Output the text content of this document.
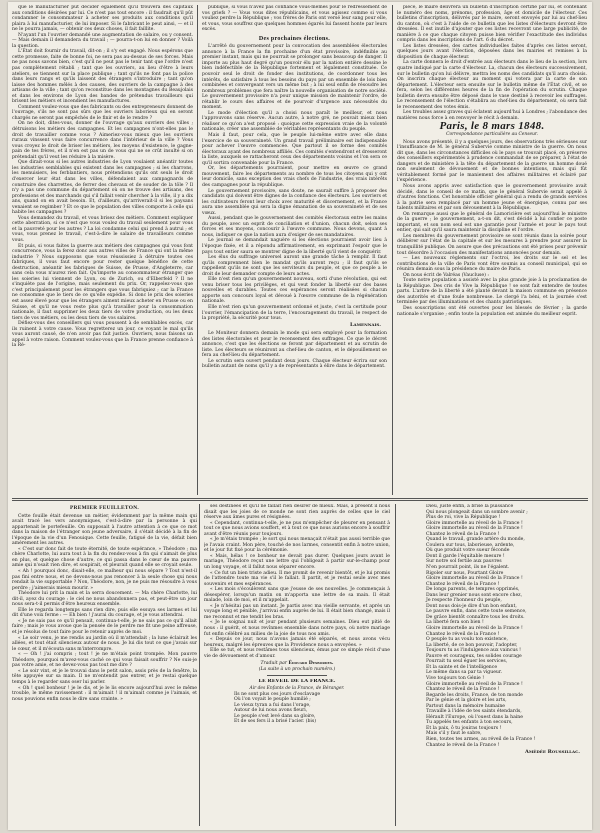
que le manufacturier pût décider également qu'il trouvera des capitaux aux conditions désirées par lui. Ce n'est pas tout encore : il faudrait qu'il pût condamner le consommateur à acheter ses produits aux conditions qu'il plaira à lui manufacturier, de lui imposer. Si le fabricant le peut ainsi, — et il ne le pourra jamais, — obtenir ces deux choses, il fait faillite.

N'ayant l'un l'ouvrier demandé une augmentation de salaire, ou y consent. — Mais demain il demandera du travail ; — pourra-t-on lui en donner ? Voilà la question.

L'État doit fournir du travail, dit-on ; il s'y est engagé. Nous espérons que cette promesse, faite de bonne foi, ne sera pas au-dessus de ses forces. Mais ne pas nous savons bien, c'est qu'il ne peut pas le tenir tant que l'ordre n'est pas complètement rétabli ; tant que les ouvriers, au lieu d'être à leurs ateliers, se tiennent sur la place publique ; tant qu'ils ne font pas la police dans leurs rangs et qu'ils laissent des étrangers s'introduire ; tant qu'on laisse des hommes mêlés à des causes, des ouvriers de la campagne à des artisans de la ville ; tant qu'on reconstitue dans les montagnes du Beaujolais et dans les environs de Lyon des bandes de prétendus travailleurs qui brisent les métiers et incendient les manufactures.

Comment voulez-vous que des fabricants ou des entrepreneurs donnent de l'ouvrage, s'ils ne sont pas sûrs que les ouvriers laborieux qui en seront chargés ne seront pas empêchés de le finir et de le rendre ?

On ne doit, dites-vous, donner de l'ouvrage qu'aux ouvriers des villes ; détruisons les métiers des campagnes. Et les campagnes n'ont-elles pas le droit de travailler comme vous ? Aimeriez-vous mieux que les ouvriers ruraux vinssent vous faire concurrence dans l'intérieur de la ville ? Vous vous croyez le droit de briser les métiers, les moyens d'existence, le gagne-pain de tes frères, et il n'en est pas un de vous qui ne se crût insulté si on prétendait qu'il veut les réduire à la misère.

Que dirait-vous si les autres industries de Lyon voulaient anéantir toutes les industries semblables qui existent dans les campagnes ; si les charrons, les menuisiers, les ferblantiers, nous prétendions qu'ils ont seuls le droit d'exercer leur état dans les villes, défendaient aux campagnards de construire des charrettes, de ferrer des chevaux et de souder de la tôle ? Il n'y a pas une commune du département où on ne trouve des artisans, des professions et des marchands qui s'il fallait venir chercher à la ville, il y a dix ans, quand on en avait besoin. Et, d'ailleurs, qu'arriverait-il si les paysans venaient se regimber ? Et ce que le population des villes comporte à celle qui habite les campagnes ?

Vous demandez du travail, et vous brisez des métiers. Comment expliquer cette aberration, si ce n'est que vous voulez du travail seulement pour vous et la pauvreté pour les autres ? La loi condamne celui qui prend à autrui ; et vous, vous prenez le travail, c'est-à-dire le salaire de travailleurs comme vous.

Et puis, si vous faites la guerre aux métiers des campagnes qui vous font concurrence, vous la ferez donc aux autres villes de France qui ont la même industrie ? Nous supposons que vous réussissiez à détruire toutes ces fabriques, il vous faut encore pour rester quelque bénéfice de cette destruction, anéantir les fabriques de Suisse, de Prusse, d'Angleterre, car sans cela vous n'aurez rien fait. Qu'importe au consommateur étranger que les soieries lui viennent de Lyon, ou de Zurich, ou d'Elberfeld ? Il ne s'inquiète pas de l'origine, mais seulement du prix. Or, rappelez-vous que c'est principalement pour les étrangers que vous fabriquiez ; car la France ne consomme que le tiers de ce qu'elle expédie. Si donc le prix des soieries est assez élevé pour que les étrangers aiment mieux acheter en Prusse ou en Suisse, et qu'il ne vous reste plus qu'à travailler pour la consommation nationale, il faut supprimer les deux tiers de votre production, ou les deux tiers de vos métiers, ou les deux tiers de vos salaires.

Défiez-vous des conseillers qui vous poussent à de semblables excès, car ils ruinent à votre cause. Vous regretterez un jour, ce voyant le mal qu'ils vous auront causé, de n'en avoir pas fait justice. Ouvriers, nous faisons un appel à votre raison. Comment voulez-vous que la France prenne confiance à la Ré-

publique, si vous n'avez pas confiance vous-mêmes pour le redressement de vos griefs ? — Vous vous dites républicains, et vous agissez comme si vous vouliez perdre la République ; vos frères de Paris ont versé leur sang pour elle, et vous, vous souffrez que quelques hommes égarés lui fassent honte par leurs excès.

Des prochaines élections.

L'arrêté du gouvernement pour la convocation des assemblées électorales annonce à la France la fin prochaine d'un état provisoire, indéfinible au premier instant, mais qui ne pourrait se prolonger sans beaucoup de danger. Il importe au plus haut degré qu'un pouvoir élu par la nation entière dessine le bien indéfectible de la République fortement et légalement constituée. Ce pouvoir seul le droit de fonder des institutions, de coordonner tous les intérêts, de satisfaire à tous les besoins du pays par un ensemble de lois bien combinées et convergeant vers un même but ; à lui seul enfin de résoudre les nombreux problèmes que fera naître la nouvelle organisation de notre société. Le gouvernement provisoire n'a pour unique mission de maintenir l'ordre, de rétablir le cours des affaires et de pourvoir d'urgence aux nécessités du moment.

Le mode d'élection qu'il a choisi nous paraît le meilleur, et nous l'approuvons sans réserve. Aucun autre, à notre gré, ne pouvait mieux bien réaliser ce qu'on a'est proposé : quoique cette expression vraie de la volonté nationale, créer une assemblée de véritables représentants du peuple.

Mais il faut, pour cela, que le peuple lui-même entre avec elle dans l'exercice de sa souveraineté. Un grand travail préliminaire est indispensable pour achever l'œuvre commencée. Que partout il se forme des comités électoraux ayant des nombreux affiliés. Ces comités s'entendront et dresseront la liste, auxquels se rattacheront ceux des départements voisins et l'on sera ce qu'il sortira convenable pour la France.

Or, les départements pourraient, pour mettre en œuvre ce grand mouvement, faire les départements au nombre de tous les citoyens qui y ont leur domicile, sans exception des vrais chefs de l'industrie, des vrais intérêts des campagnes pour la république.

Le gouvernement provisoire, sans doute, ne saurait suffire à proposer des candidats qui doivent être dignes de la confiance des électeurs. Les ouvriers et les cultivateurs feront leur choix avec maturité et discernement, et la France aura une assemblée qui sera la digne émanation de sa souveraineté et de ses vœux.

Aussi, pendant que le gouvernement des comités électoraux entre les mains du peuple, avec un esprit de conciliation et d'union, chacun doit, selon ses forces et ses moyens, concourir à l'œuvre commune. Nous devons, quant à nous, indiquer ce que la nation aura d'exiger de ses mandataires.

Le journal se demandait naguère si les élections pourraient avoir lieu à l'époque fixée, et il a répondu affirmativement, en exprimant l'espoir que le pays tout entier saura se montrer digne de la liberté qu'il vient de conquérir.

Les élus du suffrage universel auront une grande tâche à remplir. Il faut qu'ils comprennent bien le mandat qu'ils auront reçu ; il faut qu'ils se rappellent qu'ils ne sont que les serviteurs du peuple, et que ce peuple a le droit de leur demander compte de leurs actes.

Elle n'est rien qu'un gouvernement nouveau, sorti d'une révolution, qui est venu briser tous les privilèges, et qui veut fonder la liberté sur des bases nouvelles et durables. Toutes ces espérances seront réalisées si chacun apporte son concours loyal et dévoué à l'œuvre commune de la régénération nationale.

Elle n'est rien qu'un gouvernement ordonné et juste, c'est la certitude pour l'ouvrier, l'émancipation de la terre, l'encouragement du travail, le respect de la propriété, la sécurité pour tous.

Lamennais.

Le Moniteur donnera demain le mode qui sera employé pour la formation des listes électorales et pour le recensement des suffrages. Ce que le décret annonce, c'est que les élections se feront par département et au scrutin de liste. Les électeurs se réuniront au chef-lieu de canton, et le dépouillement se fera au chef-lieu du département.

Le scrutin sera ouvert pendant deux jours. Chaque électeur écrira sur son bulletin autant de noms qu'il y a de représentants à élire dans le département.

pièce, le maire délivrera un bulletin d'inscription certifié par lui, et contenant le numéro des noms, prénoms, profession, âge et domicile de l'électeur. Ces bulletins d'inscription, délivrés par le maire, seront envoyés par lui au chef-lieu du canton, où c'est à l'aide de ce bulletin que les listes d'électeurs devront être dressées. Il est inutile d'ajouter que ces listes recevront une large publicité, de manière à ce que chaque citoyen puisse bien vérifier l'exactitude des individus compris dans les inscriptions de l'art. 6 du décret.

Les listes dressées, des cartes individuelles faites d'après ces listes seront, quelques jours avant l'élection, déposées dans les mairies et remises à la disposition de chaque électeur.

La carte donnera le droit d'entrée aux électeurs dans le lieu de la section, lors quatre indiqué par la carte d'électeur. La, chacun des électeurs successivement, sur le bulletin qu'on lui délivre, mettra les noms des candidats qu'il aura choisis. On inscrira chaque électeur au moment qui votera par la carte de son département. L'électeur sera ensuite sur le bulletin même de l'État civil, et se fera, selon les différentes heures de la fin de l'opération du scrutin. Chaque bulletin devra ensuite être déposé dans le vase destiné à recevoir les suffrages. Le recensement de l'élection s'établira au chef-lieu du département, où sera fait le recensement des votes émis.

Les troubles assez graves qui éclatent aujourd'hui à Londres ; l'abondance des matières nous force à en renvoyer le récit à demain.

Paris, le 8 mars 1848.
Correspondance particulière au Censeur.

Nous avons présenté, il y a quelques jours, des observations très sérieuses sur l'insuffisance de M. le général Subervie comme ministre de la guerre. On nous dit que, dans les circonstances difficiles où le pays se trouvait placé, on préserve des conseillers expérimentés à prudence commandait de se préparer, à l'état de dangers et de ministère à la tête du département de la guerre un homme doué non seulement de dévouement et de bonnes intentions, mais qui fût véritablement formé par le maniement des affaires militaires et éclairé par l'expérience.

Nous avons appris avec satisfaction que le gouvernement provisoire avait décidé, dans le conseil de ce matin, que le général Subervie serait appelé à d'autres fonctions. Cet honorable officier général qui a rendu de grands services à la patrie sera remplacé par un homme jeune et énergique, connu par ses talents militaires et par son dévouement à la République.

On remarque aussi que le général de Lamoricière est aujourd'hui le ministre de la guerre ; le gouvernement, a-t-on dit, s'est décidé à lui confier ce poste important, et son nom seul est une garantie pour l'armée et pour le pays tout entier, qui sait qu'il saura maintenir la discipline et l'ordre.

Les membres du gouvernement provisoire se sont réunis dans la soirée pour délibérer sur l'état de la capitale et sur les mesures à prendre pour assurer la tranquillité publique. On assure que des précautions ont été prises pour prévenir tout désordre à l'occasion des manifestations annoncées pour demain.

— Les nouveaux règlements sur l'octroi, les droits sur le sel et les contributions de la ville de Paris vont être soumis au conseil municipal, qui se réunira demain sous la présidence du maire de Paris.

On nous écrit de Valréas (Vaucluse) :

Toute notre population a assisté avec la plus grande joie à la proclamation de la République. Des cris de Vive la République ! se sont fait entendre de toutes parts. L'arbre de la liberté a été planté devant la maison commune en présence des autorités et d'une foule nombreuse. Le clergé l'a béni, et la journée s'est terminée par des illuminations et des chants patriotiques.

Des souscriptions ont été ouvertes pour les blessés de février ; la garde nationale s'organise ; enfin toute la population est animée du meilleur esprit.

PREMIER FEUILLETON.

Cette fouille était devenue un métier, évidemment par la même main qui avait tracé les vers anonymiques, c'est-à-dire par la personne à qui appartenait le portefeuille. On supposait à l'autre attention à ce que ce mot dans la maison de l'étranger son jeune adversaire, il s'était décidé à la fin de l'époque de la vie d'un Fenouique. Cette feuille, fatigué de la vie, défait bien amèrement les autres.

« C'est sur donc fait de toute éternité, de toute espérance, » Théodore ; ma chère Charlotte, lui aura tout à la fin du rendez-vous à fin qui s'aimait de plus en plus, et quelque chose d'autre, ce qui passa dans le cœur de ma pauvre amie qui n'osait rien dire, et soupirait, et pleurait quand elle se croyait seule.

« Ah ! pourquoi donc, disait-elle, ce malheur qui nous sépare ? Tout n'est-il pas fini entre nous, et ne devons-nous pas renoncer à la seule chose qui nous rendait la vie supportable ? Non, Théodore, non, je ne puis me résoudre à vous perdre ; j'aimerais mieux mourir. »

Théodore lui prit la main et la serra doucement. — Ma chère Charlotte, lui dit-il, ayez du courage : le ciel ne nous abandonnera pas, et peut-être un jour nous sera-t-il permis d'être heureux ensemble.

Elle le regarda longtemps sans rien dire, puis elle essuya ses larmes et lui dit d'une voix ferme : — Eh bien ! j'aurai du courage, et je vous attendrai.

« Je ne sais pas ce qu'il pensait, continua-t-elle, je ne sais pas ce qu'il allait faire ; mais je vous avoue que la pensée de le perdre me fit une peine affreuse, et je résolus de tout faire pour le retenir auprès de moi.

« Le soir venu, je me rendis au jardin où il m'attendait ; la lune éclairait les allées, et tout était silencieux autour de nous. Je lui dis tout ce que j'avais sur le cœur, et il m'écouta sans m'interrompre.

« — Oh ! j'ai compris ; tout ! je ne m'étais point trompée. Mon pauvre Théodore, pourquoi m'avez-vous caché ce qui vous faisait souffrir ? Ne suis-je pas votre amie, et ne devez-vous pas tout me dire ?

« Le soir vint, et je le trouvai dans le petit salon, assis près de la fenêtre, la tête appuyée sur sa main. Il ne m'entendit pas entrer, et je restai quelque temps à le regarder sans oser lui parler.

« Oh ! quel bonheur ! je le dis, et je le lis encore aujourd'hui avec le même trouble, le même ravissement : il m'aimait ! il m'aimait comme je l'aimais, et nous pouvions enfin nous le dire sans crainte. »

ses destinées et qu'il ne fallait rien désirer de mieux. Mais, à présent il nous disait que les joies de ce monde ne sont rien auprès de celles que le ciel réserve aux âmes pures et résignées.

« Cependant, continua-t-elle, je ne pus m'empêcher de pleurer en pensant à tout ce que nous avions souffert, et à tout ce que nous aurions encore à souffrir avant d'être réunis pour toujours.

« Je m'étais trompée ; le sort qui nous menaçait n'était pas aussi terrible que je l'avais craint. Mon père, touché de nos larmes, consentit enfin à notre union, et le jour fut fixé pour la cérémonie.

« Mais, hélas ! ce bonheur ne devait pas durer. Quelques jours avant le mariage, Théodore reçut une lettre qui l'obligeait à partir sur-le-champ pour un long voyage, et il fallut nous séparer encore.

« Ce fut un bien triste adieu. Il me promit de revenir bientôt, et je lui promis de l'attendre toute ma vie s'il le fallait. Il partit, et je restai seule avec mes souvenirs et mes espérances.

« Les mois s'écoulèrent sans que j'eusse de ses nouvelles. Je commençais à désespérer, lorsqu'un matin on m'apporta une lettre de sa main. Il était malade, loin de moi, et il m'appelait.

« Je n'hésitai pas un instant. Je partis avec ma vieille servante, et après un voyage long et pénible, j'arrivai enfin auprès de lui. Il était bien changé, mais il me reconnut et me tendit les bras.

« Je le soignai nuit et jour pendant plusieurs semaines. Dieu eut pitié de nous : il guérit, et nous revînmes ensemble dans notre pays, où notre mariage fut enfin célébré au milieu de la joie de tous nos amis.

« Depuis ce jour, nous n'avons jamais été séparés, et nous avons vécu heureux, malgré les épreuves que la Providence nous a envoyées. »

Elle se tut, et nous restâmes tous silencieux, émus par ce simple récit d'une vie de dévouement et d'amour.

Traduit par Édouard Desbordes.
(La suite à un prochain numéro.)
LE RÉVEIL DE LA FRANCE.
Air des Enfants de la France, de Béranger.
Ils ne sont plus ces jours d'esclavage
Où l'on voyait le peuple humilié ;
Le vieux tyran a fui dans l'orage,
Autour de lui nous avons fleuri,
Le peuple s'est levé dans sa gloire,
Et de ses fers il a brisé l'acier. (bis)
Dieu, juste enfin, a brisé la puissance
Qui nous plongeait dans un sombre avenir ;
Plus de roi, vive la République !
Gloire immortelle au réveil de la France !
Gloire immortelle au réveil de la France !
Chantez le réveil de la France !
Quand le travail, grande artère du monde,
Coulera sur tous, laborieuse, ardente,
Où que produit votre sueur féconde
Dont il garde l'équitable mesure !
Sur notre sol fertile aux pauvres
N'en pourrait point, ils ne l'égalent.
Rigoler sur nous, Pourtant Gloire
Gloire immortelle au réveil de la France !
Chantez le réveil de la France !
De longs parents, de tempres opprimés,
Dans leur grenier nous sont encore chez,
Je respecte l'honneur du peuple,
Dont nous dois-je dire d'un bon enfant,
Le pauvre enfin, dans cette toute semence,
De grâce bientôt connaître tous les droits.
La liberté fera son bien !
Gloire immortelle au réveil de la France !
Chantez le réveil de la France !
O peuple tu as voulu ton existence,
La liberté, de ce bon pouvoir, l'adopter,
Toujours tu as l'indulgence aux vaincus !
Pauvre et courageux, tes solides courage
Pourrait tu seul éguer les services,
Et la sainte et de l'intelligence
Le même dans sa par ta vigueur.
Vive toujours ton Génie !
Gloire immortelle au réveil de la France !
Chantez le réveil de la France !
Regarde les droits, France, de ton monde
Par le génie et la gloire et les arts,
Partout dans la mémoire humaine
Travaille à l'idée de tes saints étendards,
Hérault l'Europe, où l'ouest dans la haine
Tu appelés tes enfants à ton secours,
Et la paix, ô tu jouiras toujours !
Mais s'il y faut le sabre,
Rien, toutes tes armes, au réveil de la France !
Chantez le réveil de la France !
Amédée Roussillac.
